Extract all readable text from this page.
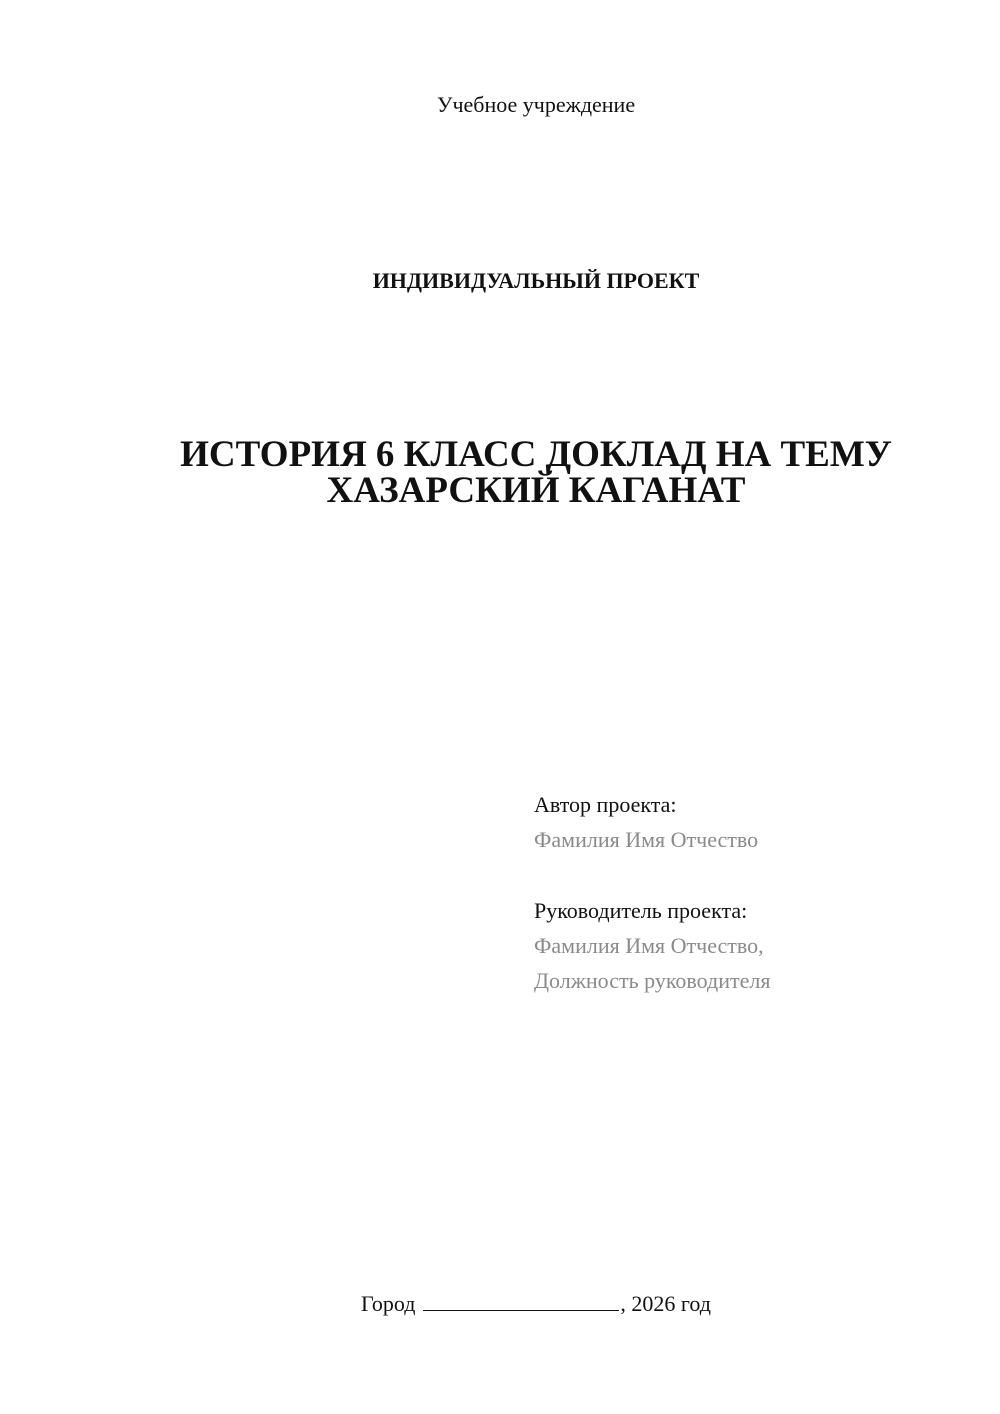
Учебное учреждение
ИНДИВИДУАЛЬНЫЙ ПРОЕКТ
ИСТОРИЯ 6 КЛАСС ДОКЛАД НА ТЕМУ
ХАЗАРСКИЙ КАГАНАТ
Автор проекта:
Фамилия Имя Отчество
Руководитель проекта:
Фамилия Имя Отчество,
Должность руководителя
Город	, 2026 год
